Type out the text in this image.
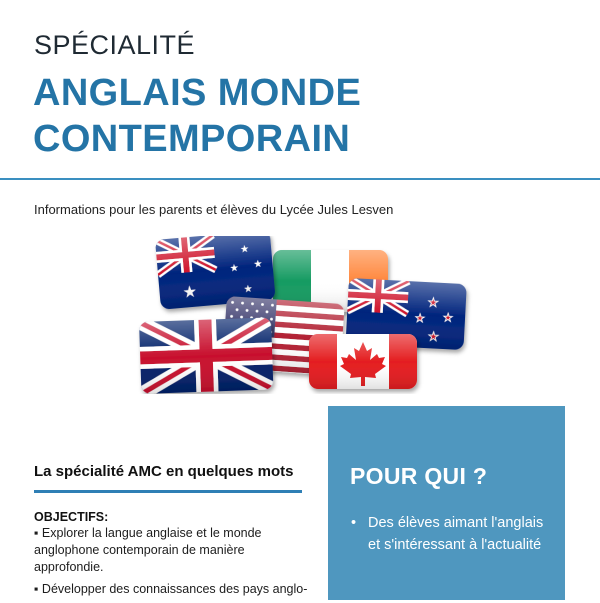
SPÉCIALITÉ
ANGLAIS MONDE
CONTEMPORAIN
Informations pour les parents et élèves du Lycée Jules Lesven
La spécialité AMC en quelques mots
OBJECTIFS:
▪ Explorer la langue anglaise et le monde anglophone contemporain de manière approfondie.
▪ Développer des connaissances des pays anglo-
POUR QUI ?
• Des élèves aimant l'anglais et s'intéressant à l'actualité
